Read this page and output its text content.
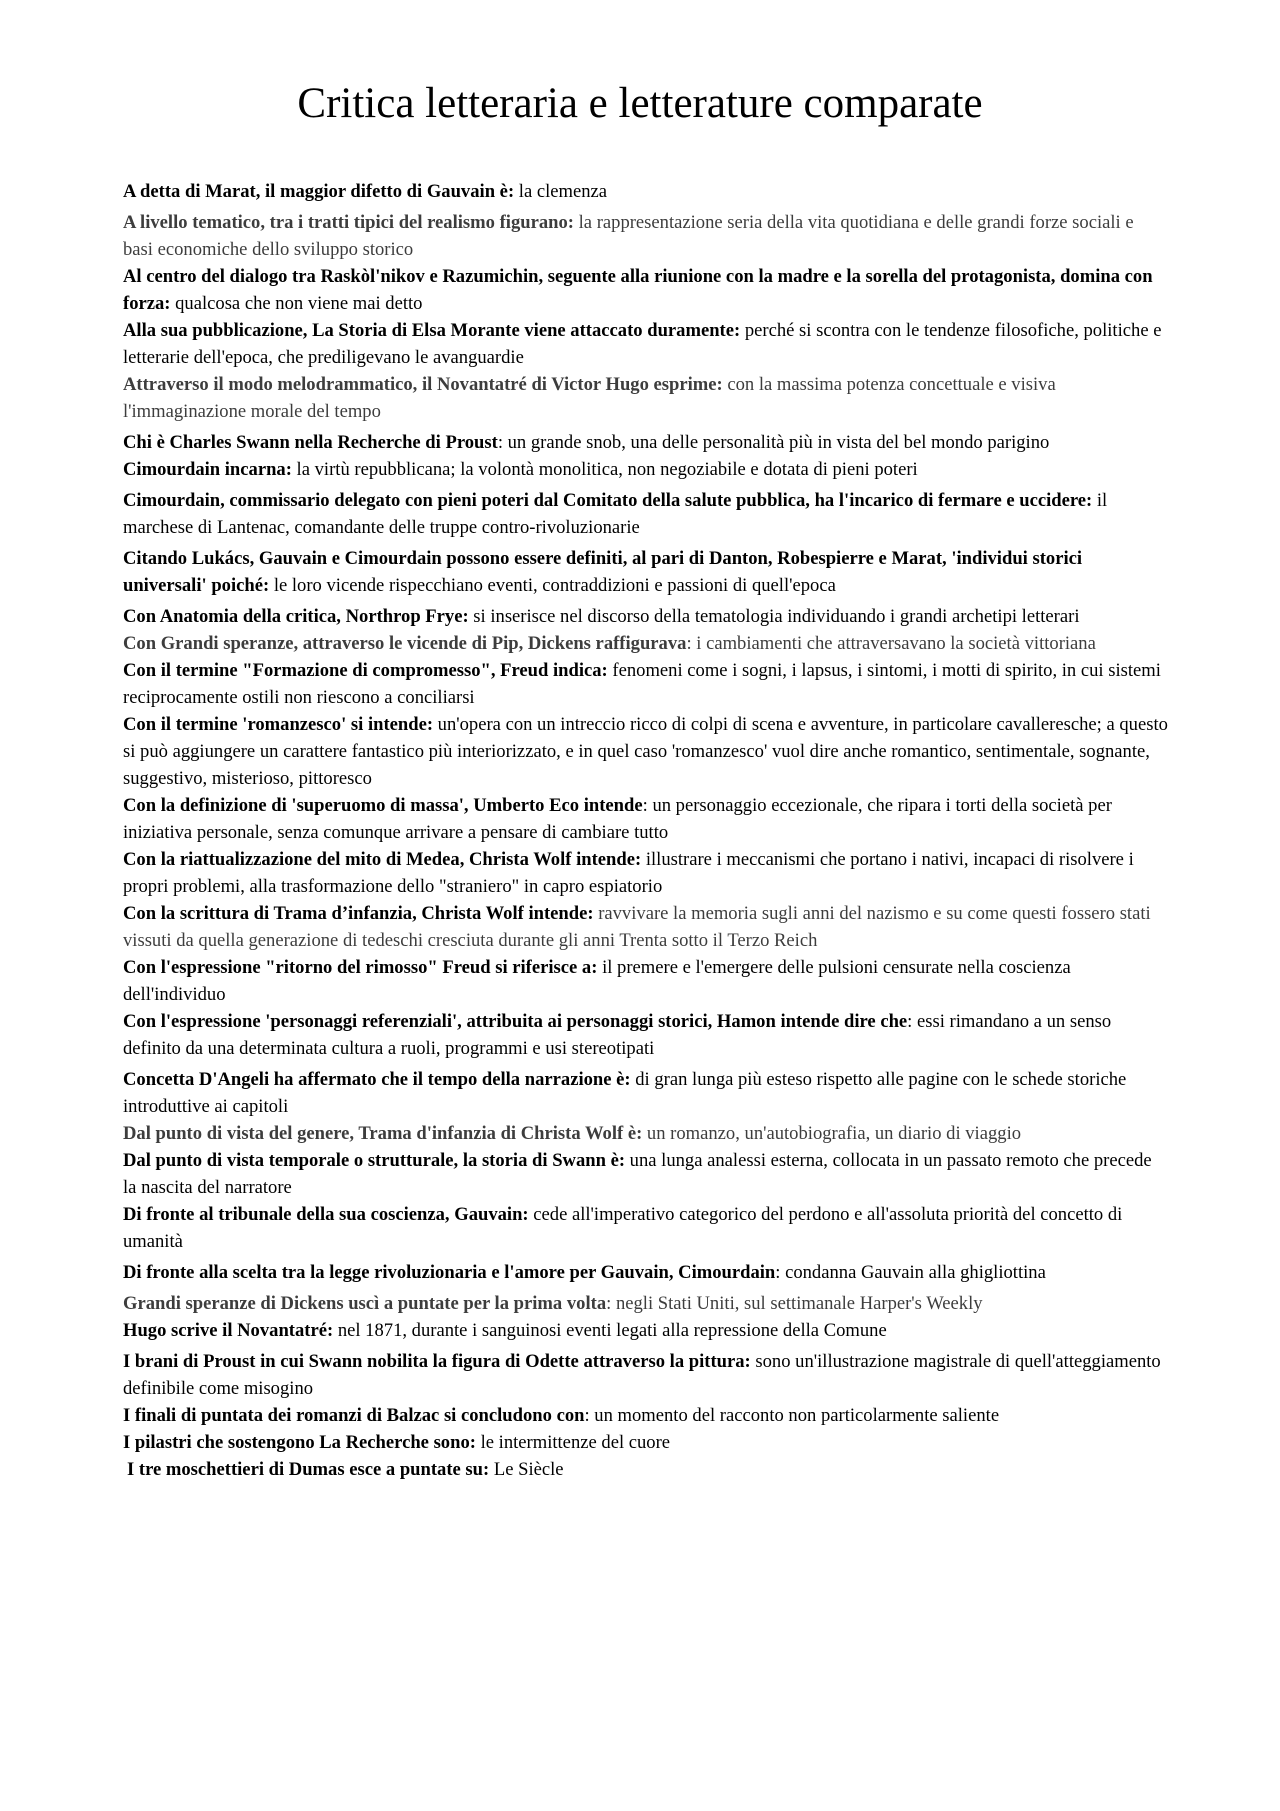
Critica letteraria e letterature comparate
A detta di Marat, il maggior difetto di Gauvain è: la clemenza
A livello tematico, tra i tratti tipici del realismo figurano: la rappresentazione seria della vita quotidiana e delle grandi forze sociali e basi economiche dello sviluppo storico
Al centro del dialogo tra Raskòl'nikov e Razumichin, seguente alla riunione con la madre e la sorella del protagonista, domina con forza: qualcosa che non viene mai detto
Alla sua pubblicazione, La Storia di Elsa Morante viene attaccato duramente: perché si scontra con le tendenze filosofiche, politiche e letterarie dell'epoca, che prediligevano le avanguardie
Attraverso il modo melodrammatico, il Novantatré di Victor Hugo esprime: con la massima potenza concettuale e visiva l'immaginazione morale del tempo
Chi è Charles Swann nella Recherche di Proust: un grande snob, una delle personalità più in vista del bel mondo parigino
Cimourdain incarna: la virtù repubblicana; la volontà monolitica, non negoziabile e dotata di pieni poteri
Cimourdain, commissario delegato con pieni poteri dal Comitato della salute pubblica, ha l'incarico di fermare e uccidere: il marchese di Lantenac, comandante delle truppe contro-rivoluzionarie
Citando Lukács, Gauvain e Cimourdain possono essere definiti, al pari di Danton, Robespierre e Marat, 'individui storici universali' poiché: le loro vicende rispecchiano eventi, contraddizioni e passioni di quell'epoca
Con Anatomia della critica, Northrop Frye: si inserisce nel discorso della tematologia individuando i grandi archetipi letterari
Con Grandi speranze, attraverso le vicende di Pip, Dickens raffigurava: i cambiamenti che attraversavano la società vittoriana
Con il termine "Formazione di compromesso", Freud indica: fenomeni come i sogni, i lapsus, i sintomi, i motti di spirito, in cui sistemi reciprocamente ostili non riescono a conciliarsi
Con il termine 'romanzesco' si intende: un'opera con un intreccio ricco di colpi di scena e avventure, in particolare cavalleresche; a questo si può aggiungere un carattere fantastico più interiorizzato, e in quel caso 'romanzesco' vuol dire anche romantico, sentimentale, sognante, suggestivo, misterioso, pittoresco
Con la definizione di 'superuomo di massa', Umberto Eco intende: un personaggio eccezionale, che ripara i torti della società per iniziativa personale, senza comunque arrivare a pensare di cambiare tutto
Con la riattualizzazione del mito di Medea, Christa Wolf intende: illustrare i meccanismi che portano i nativi, incapaci di risolvere i propri problemi, alla trasformazione dello "straniero" in capro espiatorio
Con la scrittura di Trama d’infanzia, Christa Wolf intende: ravvivare la memoria sugli anni del nazismo e su come questi fossero stati vissuti da quella generazione di tedeschi cresciuta durante gli anni Trenta sotto il Terzo Reich
Con l'espressione "ritorno del rimosso" Freud si riferisce a: il premere e l'emergere delle pulsioni censurate nella coscienza dell'individuo
Con l'espressione 'personaggi referenziali', attribuita ai personaggi storici, Hamon intende dire che: essi rimandano a un senso definito da una determinata cultura a ruoli, programmi e usi stereotipati
Concetta D'Angeli ha affermato che il tempo della narrazione è: di gran lunga più esteso rispetto alle pagine con le schede storiche introduttive ai capitoli
Dal punto di vista del genere, Trama d'infanzia di Christa Wolf è: un romanzo, un'autobiografia, un diario di viaggio
Dal punto di vista temporale o strutturale, la storia di Swann è: una lunga analessi esterna, collocata in un passato remoto che precede la nascita del narratore
Di fronte al tribunale della sua coscienza, Gauvain: cede all'imperativo categorico del perdono e all'assoluta priorità del concetto di umanità
Di fronte alla scelta tra la legge rivoluzionaria e l'amore per Gauvain, Cimourdain: condanna Gauvain alla ghigliottina
Grandi speranze di Dickens uscì a puntate per la prima volta: negli Stati Uniti, sul settimanale Harper's Weekly
Hugo scrive il Novantatré: nel 1871, durante i sanguinosi eventi legati alla repressione della Comune
I brani di Proust in cui Swann nobilita la figura di Odette attraverso la pittura: sono un'illustrazione magistrale di quell'atteggiamento definibile come misogino
I finali di puntata dei romanzi di Balzac si concludono con: un momento del racconto non particolarmente saliente
I pilastri che sostengono La Recherche sono: le intermittenze del cuore
I tre moschettieri di Dumas esce a puntate su: Le Siècle
